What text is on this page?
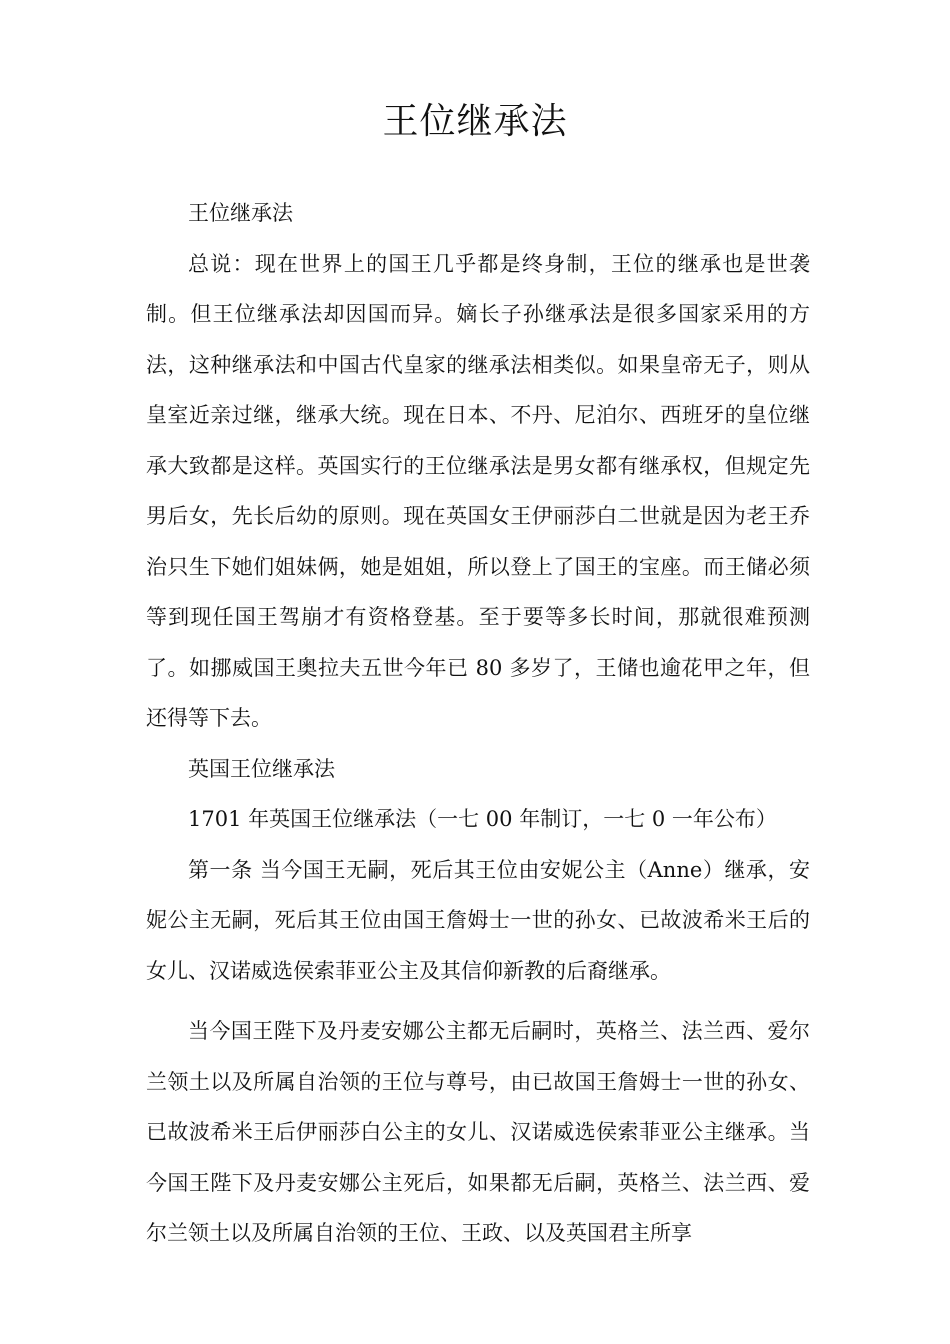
王位继承法

王位继承法

总说：现在世界上的国王几乎都是终身制，王位的继承也是世袭制。但王位继承法却因国而异。嫡长子孙继承法是很多国家采用的方法，这种继承法和中国古代皇家的继承法相类似。如果皇帝无子，则从皇室近亲过继，继承大统。现在日本、不丹、尼泊尔、西班牙的皇位继承大致都是这样。英国实行的王位继承法是男女都有继承权，但规定先男后女，先长后幼的原则。现在英国女王伊丽莎白二世就是因为老王乔治只生下她们姐妹俩，她是姐姐，所以登上了国王的宝座。而王储必须等到现任国王驾崩才有资格登基。至于要等多长时间，那就很难预测了。如挪威国王奥拉夫五世今年已 80 多岁了，王储也逾花甲之年，但还得等下去。

英国王位继承法

1701 年英国王位继承法（一七 00 年制订，一七 0 一年公布）

第一条 当今国王无嗣，死后其王位由安妮公主（Anne）继承，安妮公主无嗣，死后其王位由国王詹姆士一世的孙女、已故波希米王后的女儿、汉诺威选侯索菲亚公主及其信仰新教的后裔继承。

当今国王陛下及丹麦安娜公主都无后嗣时，英格兰、法兰西、爱尔兰领土以及所属自治领的王位与尊号，由已故国王詹姆士一世的孙女、已故波希米王后伊丽莎白公主的女儿、汉诺威选侯索菲亚公主继承。当今国王陛下及丹麦安娜公主死后，如果都无后嗣，英格兰、法兰西、爱尔兰领土以及所属自治领的王位、王政、以及英国君主所享
